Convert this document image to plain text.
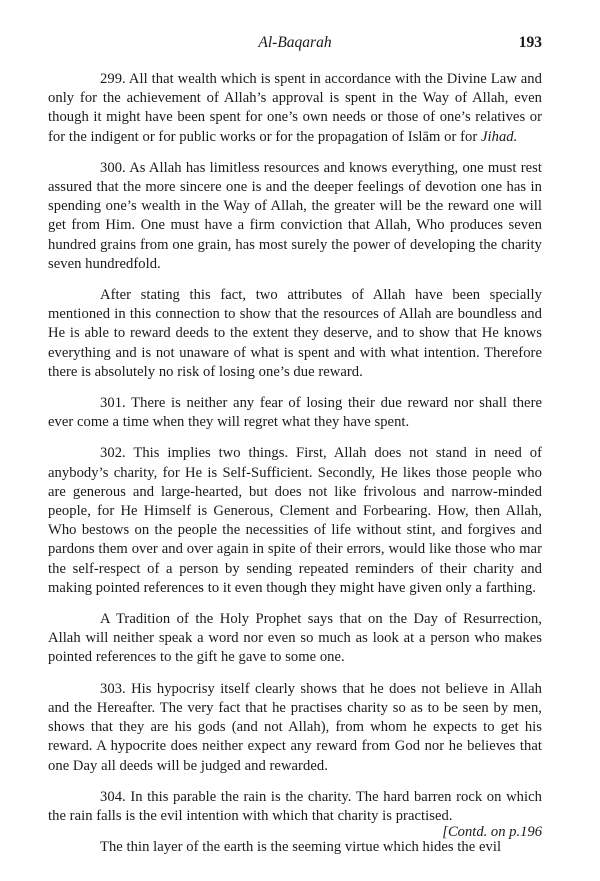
Al-Baqarah	193

299. All that wealth which is spent in accordance with the Divine Law and only for the achievement of Allah’s approval is spent in the Way of Allah, even though it might have been spent for one’s own needs or those of one’s relatives or for the indigent or for public works or for the propagation of Islām or for Jihad.

300. As Allah has limitless resources and knows everything, one must rest assured that the more sincere one is and the deeper feelings of devotion one has in spending one’s wealth in the Way of Allah, the greater will be the reward one will get from Him. One must have a firm conviction that Allah, Who produces seven hundred grains from one grain, has most surely the power of developing the charity seven hundredfold.

After stating this fact, two attributes of Allah have been specially mentioned in this connection to show that the resources of Allah are boundless and He is able to reward deeds to the extent they deserve, and to show that He knows everything and is not unaware of what is spent and with what intention. Therefore there is absolutely no risk of losing one’s due reward.

301. There is neither any fear of losing their due reward nor shall there ever come a time when they will regret what they have spent.

302. This implies two things. First, Allah does not stand in need of anybody’s charity, for He is Self-Sufficient. Secondly, He likes those people who are generous and large-hearted, but does not like frivolous and narrow-minded people, for He Himself is Generous, Clement and Forbearing. How, then Allah, Who bestows on the people the necessities of life without stint, and forgives and pardons them over and over again in spite of their errors, would like those who mar the self-respect of a person by sending repeated reminders of their charity and making pointed references to it even though they might have given only a farthing.

A Tradition of the Holy Prophet says that on the Day of Resurrection, Allah will neither speak a word nor even so much as look at a person who makes pointed references to the gift he gave to some one.

303. His hypocrisy itself clearly shows that he does not believe in Allah and the Hereafter. The very fact that he practises charity so as to be seen by men, shows that they are his gods (and not Allah), from whom he expects to get his reward. A hypocrite does neither expect any reward from God nor he believes that one Day all deeds will be judged and rewarded.

304. In this parable the rain is the charity. The hard barren rock on which the rain falls is the evil intention with which that charity is practised.

The thin layer of the earth is the seeming virtue which hides the evil

[Contd. on p.196
